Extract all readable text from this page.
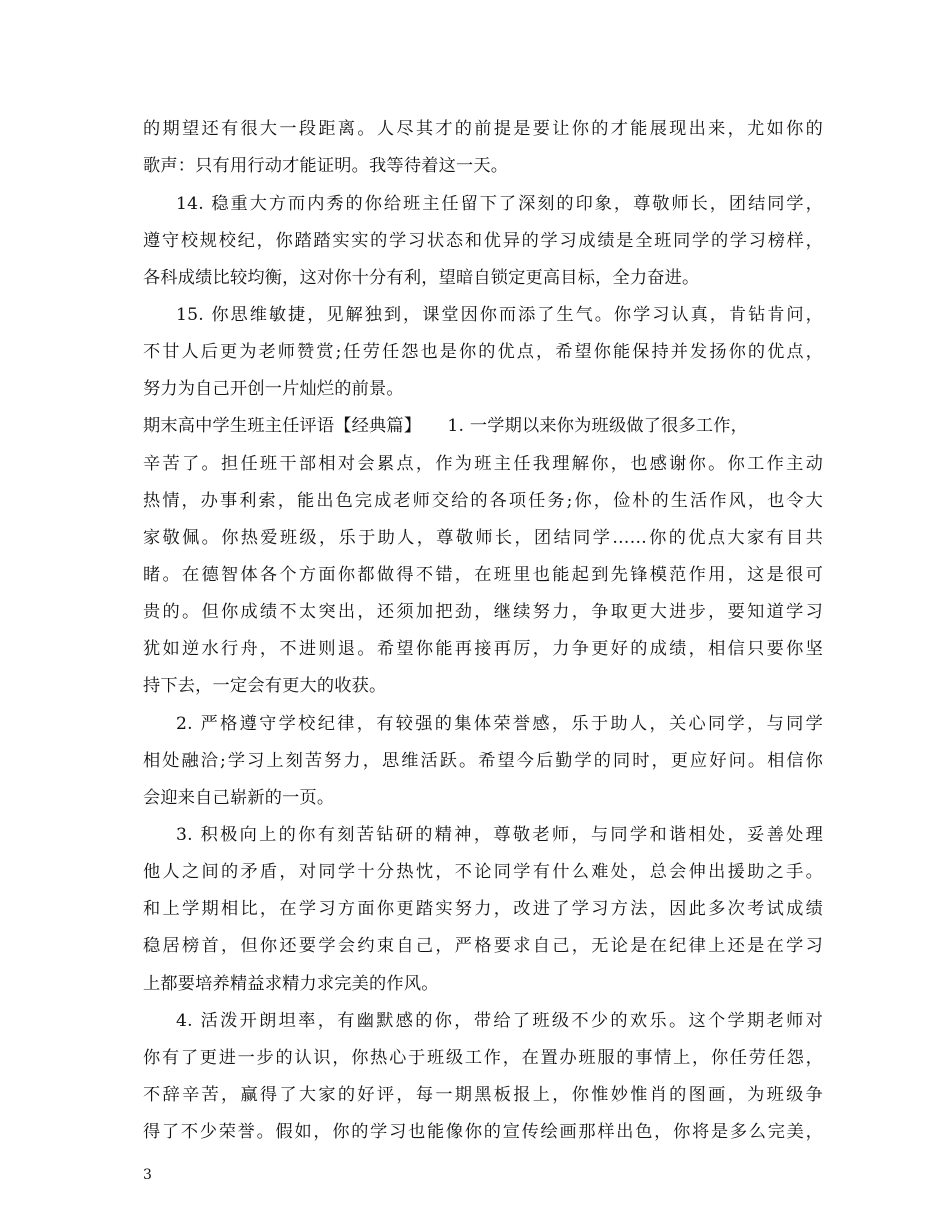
的期望还有很大一段距离。人尽其才的前提是要让你的才能展现出来，尤如你的
歌声：只有用行动才能证明。我等待着这一天。
14. 稳重大方而内秀的你给班主任留下了深刻的印象，尊敬师长，团结同学，
遵守校规校纪，你踏踏实实的学习状态和优异的学习成绩是全班同学的学习榜样，
各科成绩比较均衡，这对你十分有利，望暗自锁定更高目标，全力奋进。
15. 你思维敏捷，见解独到，课堂因你而添了生气。你学习认真，肯钻肯问，
不甘人后更为老师赞赏;任劳任怨也是你的优点，希望你能保持并发扬你的优点，
努力为自己开创一片灿烂的前景。
期末高中学生班主任评语【经典篇】　　1. 一学期以来你为班级做了很多工作，
辛苦了。担任班干部相对会累点，作为班主任我理解你，也感谢你。你工作主动
热情，办事利索，能出色完成老师交给的各项任务;你，俭朴的生活作风，也令大
家敬佩。你热爱班级，乐于助人，尊敬师长，团结同学……你的优点大家有目共
睹。在德智体各个方面你都做得不错，在班里也能起到先锋模范作用，这是很可
贵的。但你成绩不太突出，还须加把劲，继续努力，争取更大进步，要知道学习
犹如逆水行舟，不进则退。希望你能再接再厉，力争更好的成绩，相信只要你坚
持下去，一定会有更大的收获。
2. 严格遵守学校纪律，有较强的集体荣誉感，乐于助人，关心同学，与同学
相处融洽;学习上刻苦努力，思维活跃。希望今后勤学的同时，更应好问。相信你
会迎来自己崭新的一页。
3. 积极向上的你有刻苦钻研的精神，尊敬老师，与同学和谐相处，妥善处理
他人之间的矛盾，对同学十分热忱，不论同学有什么难处，总会伸出援助之手。
和上学期相比，在学习方面你更踏实努力，改进了学习方法，因此多次考试成绩
稳居榜首，但你还要学会约束自己，严格要求自己，无论是在纪律上还是在学习
上都要培养精益求精力求完美的作风。
4. 活泼开朗坦率，有幽默感的你，带给了班级不少的欢乐。这个学期老师对
你有了更进一步的认识，你热心于班级工作，在置办班服的事情上，你任劳任怨，
不辞辛苦，赢得了大家的好评，每一期黑板报上，你惟妙惟肖的图画，为班级争
得了不少荣誉。假如，你的学习也能像你的宣传绘画那样出色，你将是多么完美，
3
